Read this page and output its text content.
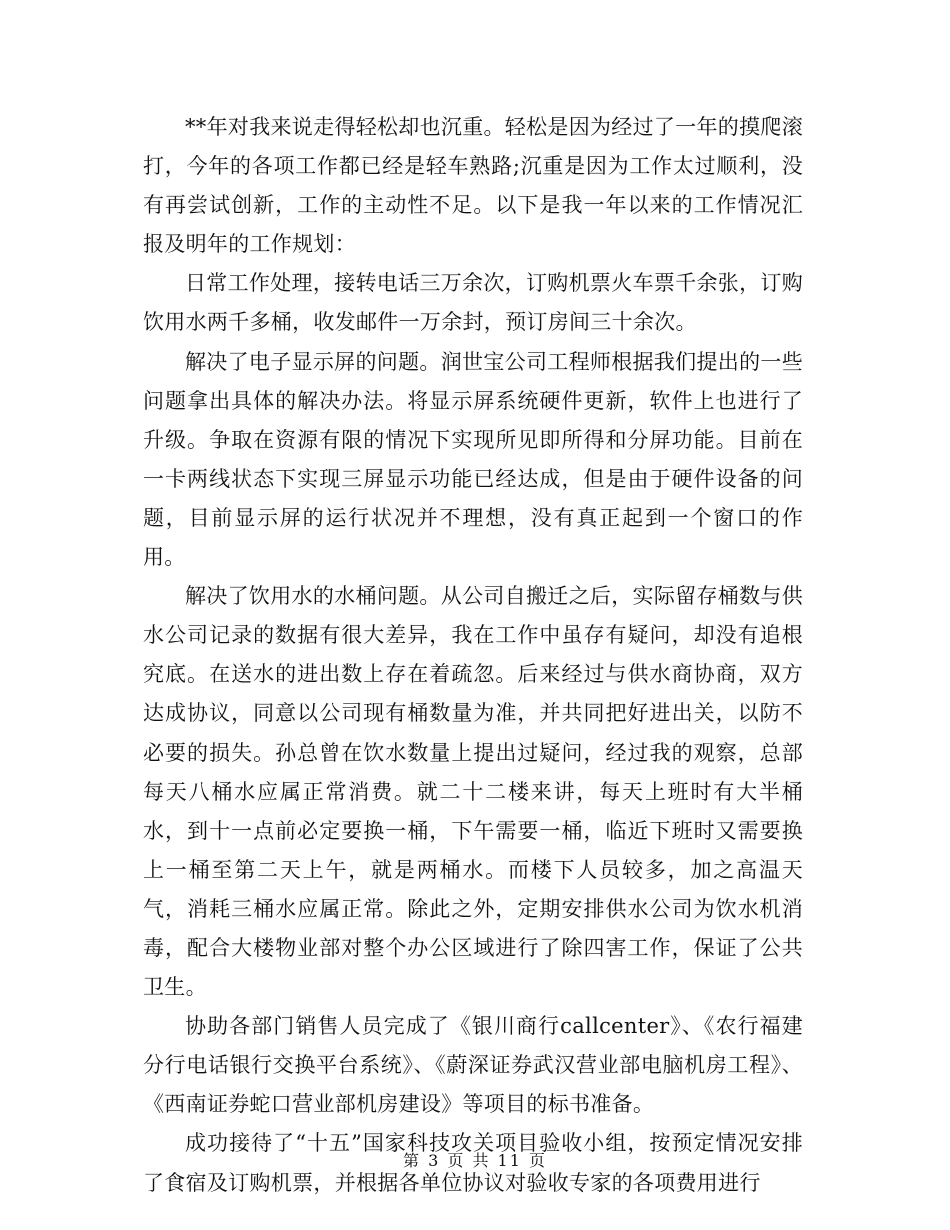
**年对我来说走得轻松却也沉重。轻松是因为经过了一年的摸爬滚打，今年的各项工作都已经是轻车熟路;沉重是因为工作太过顺利，没有再尝试创新，工作的主动性不足。以下是我一年以来的工作情况汇报及明年的工作规划：

日常工作处理，接转电话三万余次，订购机票火车票千余张，订购饮用水两千多桶，收发邮件一万余封，预订房间三十余次。

解决了电子显示屏的问题。润世宝公司工程师根据我们提出的一些问题拿出具体的解决办法。将显示屏系统硬件更新，软件上也进行了升级。争取在资源有限的情况下实现所见即所得和分屏功能。目前在一卡两线状态下实现三屏显示功能已经达成，但是由于硬件设备的问题，目前显示屏的运行状况并不理想，没有真正起到一个窗口的作用。

解决了饮用水的水桶问题。从公司自搬迁之后，实际留存桶数与供水公司记录的数据有很大差异，我在工作中虽存有疑问，却没有追根究底。在送水的进出数上存在着疏忽。后来经过与供水商协商，双方达成协议，同意以公司现有桶数量为准，并共同把好进出关，以防不必要的损失。孙总曾在饮水数量上提出过疑问，经过我的观察，总部每天八桶水应属正常消费。就二十二楼来讲，每天上班时有大半桶水，到十一点前必定要换一桶，下午需要一桶，临近下班时又需要换上一桶至第二天上午，就是两桶水。而楼下人员较多，加之高温天气，消耗三桶水应属正常。除此之外，定期安排供水公司为饮水机消毒，配合大楼物业部对整个办公区域进行了除四害工作，保证了公共卫生。

协助各部门销售人员完成了《银川商行callcenter》、《农行福建分行电话银行交换平台系统》、《蔚深证券武汉营业部电脑机房工程》、《西南证券蛇口营业部机房建设》等项目的标书准备。

成功接待了“十五”国家科技攻关项目验收小组，按预定情况安排了食宿及订购机票，并根据各单位协议对验收专家的各项费用进行

第 3 页 共 11 页
